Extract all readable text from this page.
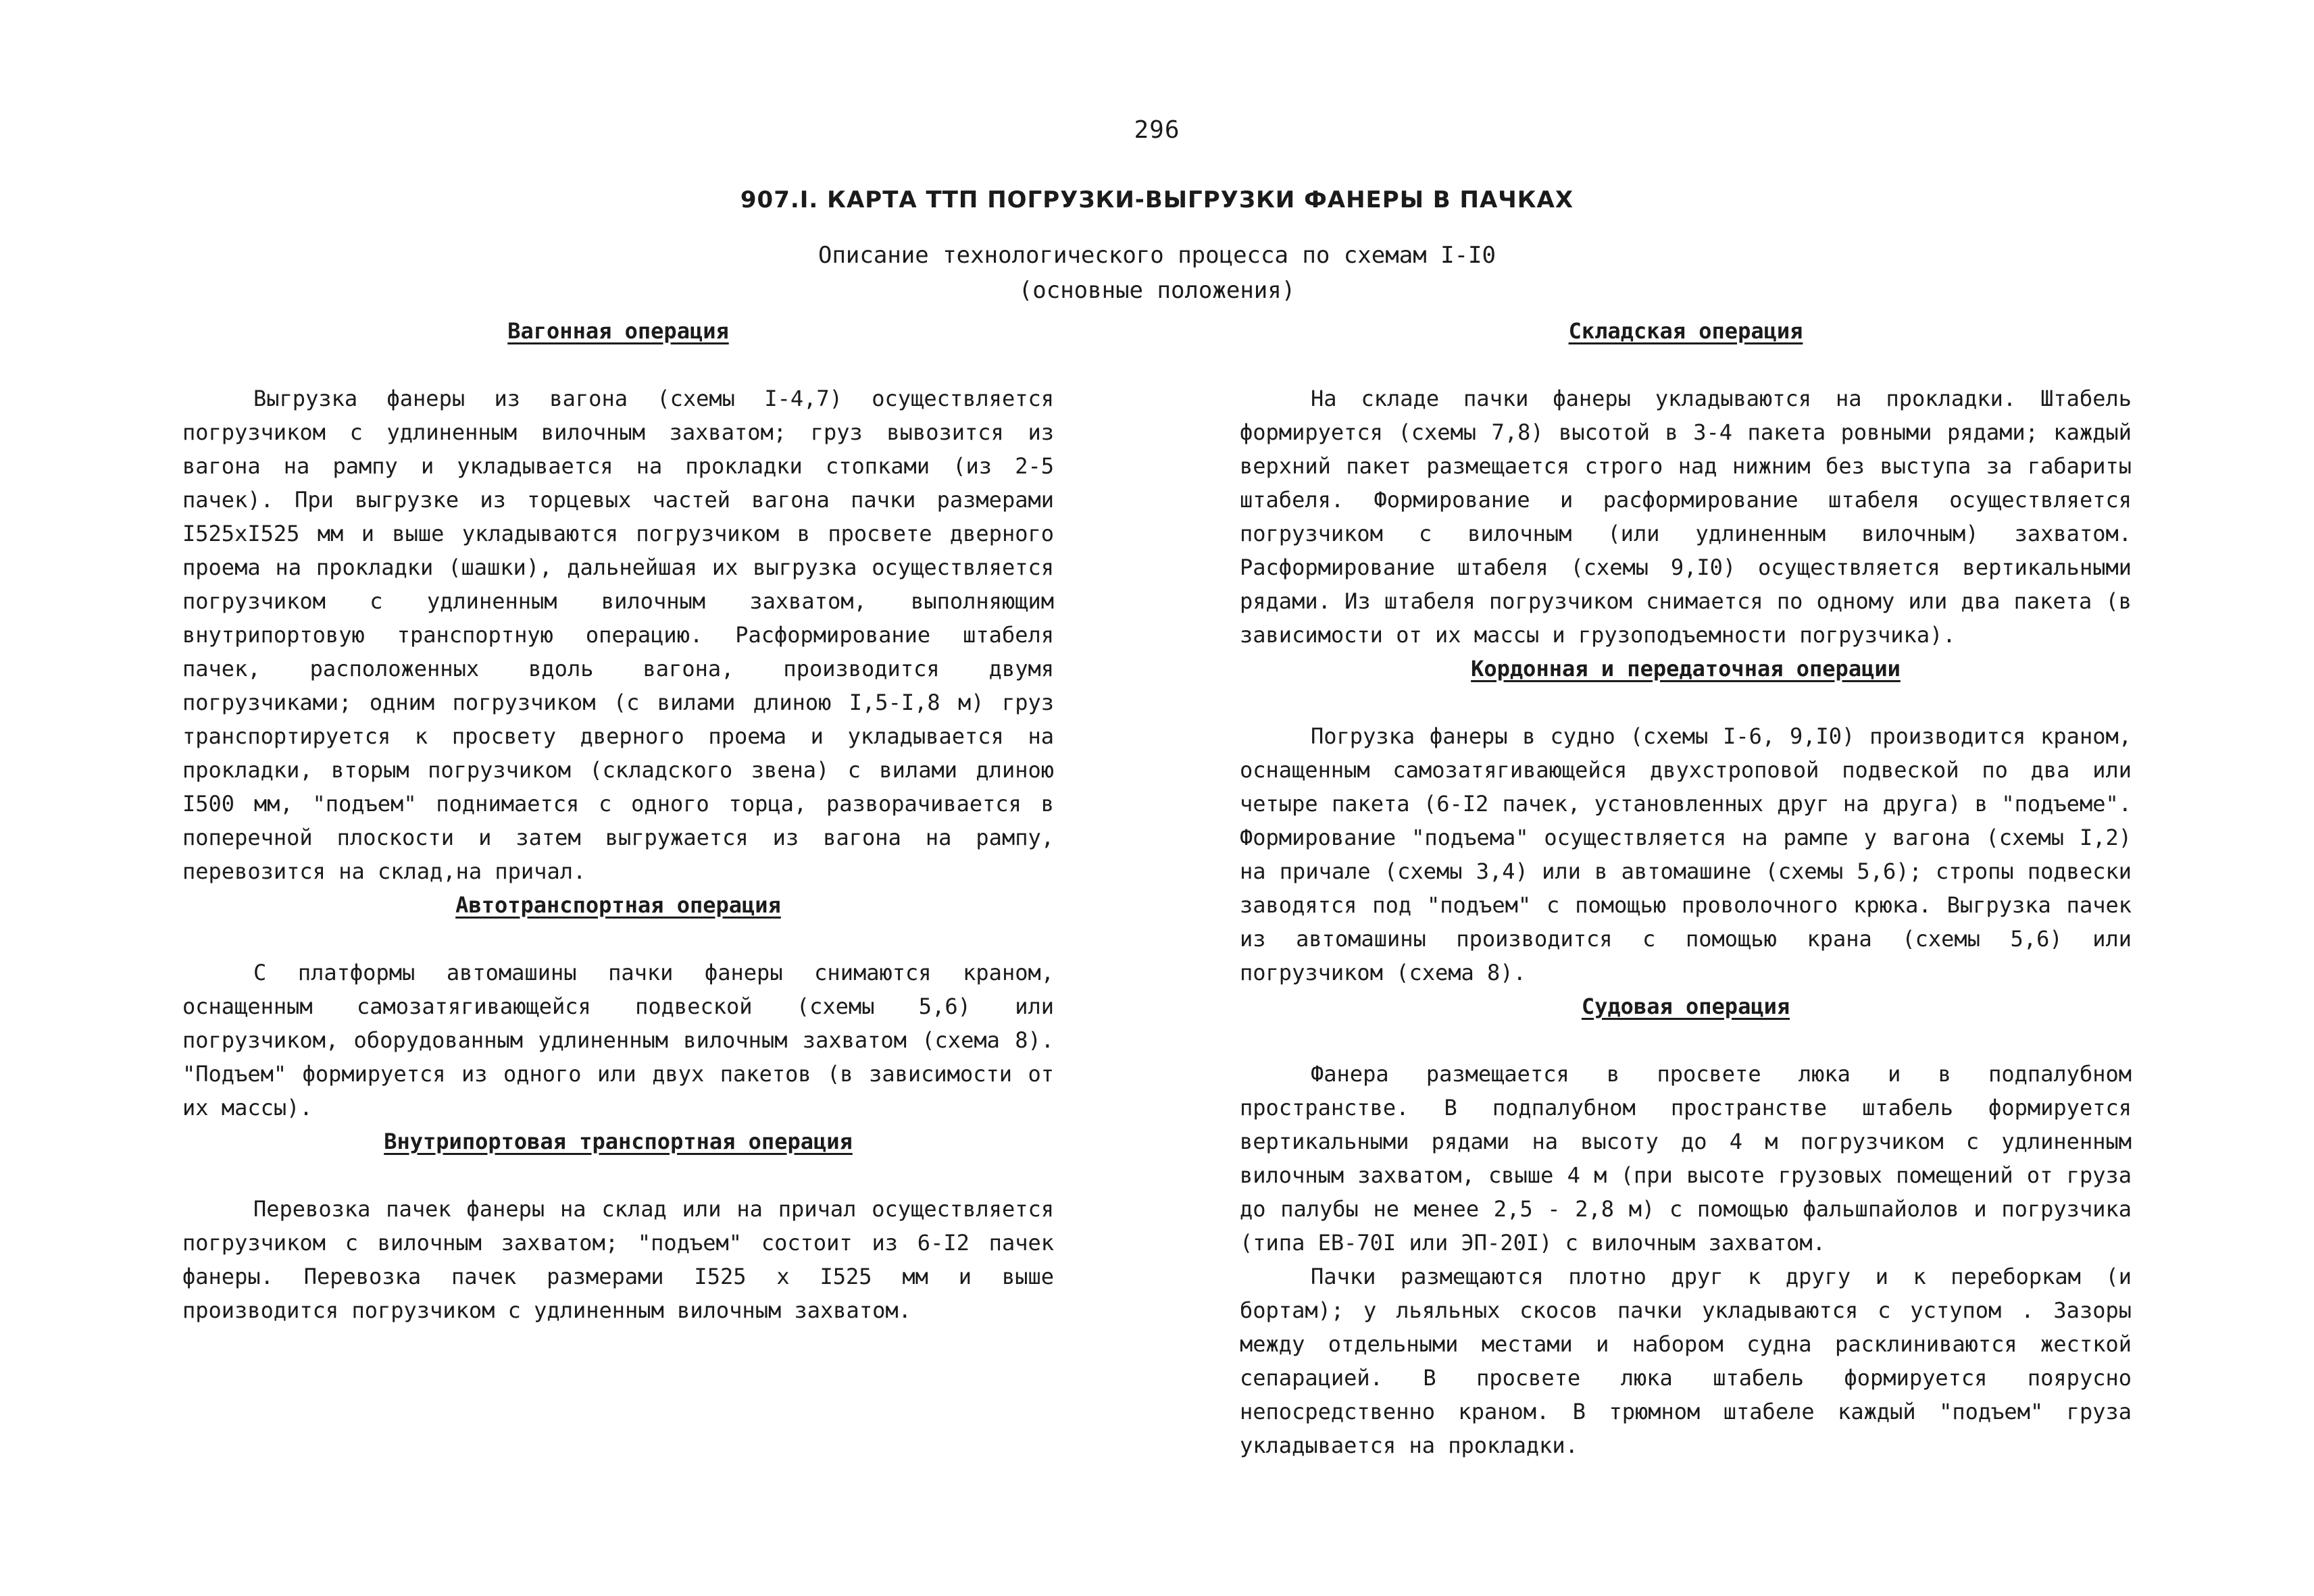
296
907.I. КАРТА ТТП ПОГРУЗКИ-ВЫГРУЗКИ ФАНЕРЫ В ПАЧКАХ
Описание технологического процесса по схемам I-I0
(основные положения)
Вагонная операция

Выгрузка фанеры из вагона (схемы I-4,7) осуществляется погрузчиком с удлиненным вилочным захватом; груз вывозится из вагона на рампу и укладывается на прокладки стопками (из 2-5 пачек). При выгрузке из торцевых частей вагона пачки размерами I525xI525 мм и выше укладываются погрузчиком в просвете дверного проема на прокладки (шашки), дальнейшая их выгрузка осуществляется погрузчиком с удлиненным вилочным захватом, выполняющим внутрипортовую транспортную операцию. Расформирование штабеля пачек, расположенных вдоль вагона, производится двумя погрузчиками; одним погрузчиком (с вилами длиною I,5-I,8 м) груз транспортируется к просвету дверного проема и укладывается на прокладки, вторым погрузчиком (складского звена) с вилами длиною I500 мм, "подъем" поднимается с одного торца, разворачивается в поперечной плоскости и затем выгружается из вагона на рампу, перевозится на склад,на причал.

Автотранспортная операция

С платформы автомашины пачки фанеры снимаются краном, оснащенным самозатягивающейся подвеской (схемы 5,6) или погрузчиком, оборудованным удлиненным вилочным захватом (схема 8). "Подъем" формируется из одного или двух пакетов (в зависимости от их массы).

Внутрипортовая транспортная операция

Перевозка пачек фанеры на склад или на причал осуществляется погрузчиком с вилочным захватом; "подъем" состоит из 6-I2 пачек фанеры. Перевозка пачек размерами I525 x I525 мм и выше производится погрузчиком с удлиненным вилочным захватом.

Складская операция

На складе пачки фанеры укладываются на прокладки. Штабель формируется (схемы 7,8) высотой в 3-4 пакета ровными рядами; каждый верхний пакет размещается строго над нижним без выступа за габариты штабеля. Формирование и расформирование штабеля осуществляется погрузчиком с вилочным (или удлиненным вилочным) захватом. Расформирование штабеля (схемы 9,I0) осуществляется вертикальными рядами. Из штабеля погрузчиком снимается по одному или два пакета (в зависимости от их массы и грузоподъемности погрузчика).

Кордонная и передаточная операции

Погрузка фанеры в судно (схемы I-6, 9,I0) производится краном, оснащенным самозатягивающейся двухстроповой подвеской по два или четыре пакета (6-I2 пачек, установленных друг на друга) в "подъеме". Формирование "подъема" осуществляется на рампе у вагона (схемы I,2) на причале (схемы 3,4) или в автомашине (схемы 5,6); стропы подвески заводятся под "подъем" с помощью проволочного крюка. Выгрузка пачек из автомашины производится с помощью крана (схемы 5,6) или погрузчиком (схема 8).

Судовая операция

Фанера размещается в просвете люка и в подпалубном пространстве. В подпалубном пространстве штабель формируется вертикальными рядами на высоту до 4 м погрузчиком с удлиненным вилочным захватом, свыше 4 м (при высоте грузовых помещений от груза до палубы не менее 2,5 - 2,8 м) с помощью фальшпайолов и погрузчика (типа ЕВ-70I или ЭП-20I) с вилочным захватом.

Пачки размещаются плотно друг к другу и к переборкам (и бортам); у льяльных скосов пачки укладываются с уступом . Зазоры между отдельными местами и набором судна расклиниваются жесткой сепарацией. В просвете люка штабель формируется поярусно непосредственно краном. В трюмном штабеле каждый "подъем" груза укладывается на прокладки.
